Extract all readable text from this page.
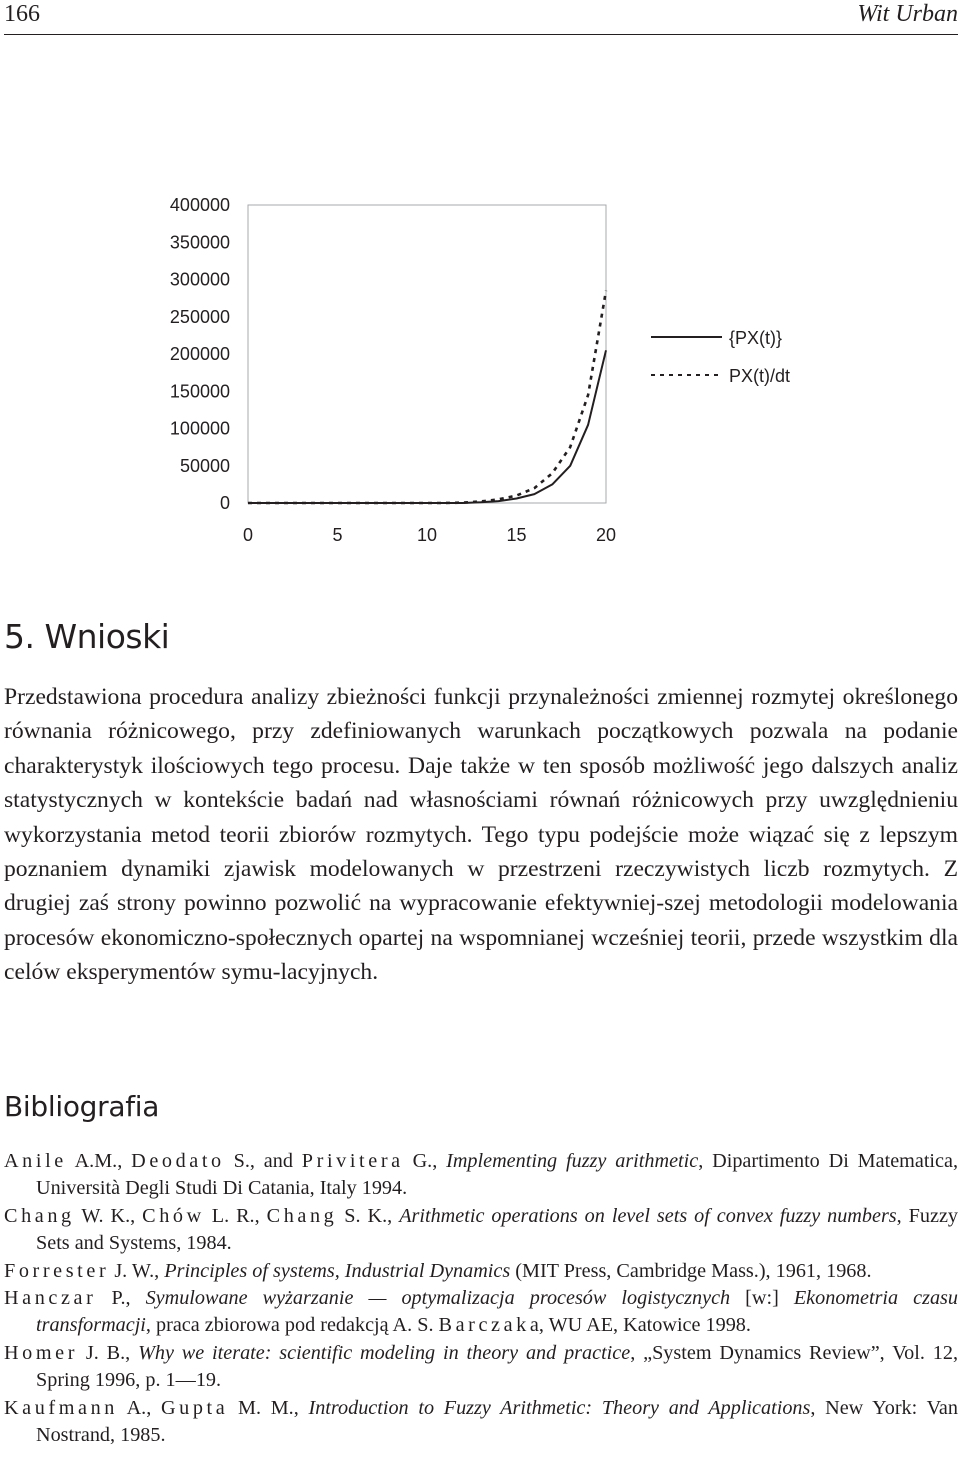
166	Wit Urban
400000
350000
300000
250000
200000
150000
100000
50000
0
0	5	10	15	20
{PX(t)}
PX(t)/dt
5. Wnioski

Przedstawiona procedura analizy zbieżności funkcji przynależności zmiennej rozmytej określonego równania różnicowego, przy zdefiniowanych warunkach początkowych pozwala na podanie charakterystyk ilościowych tego procesu. Daje także w ten sposób możliwość jego dalszych analiz statystycznych w kontekście badań nad własnościami równań różnicowych przy uwzględnieniu wykorzystania metod teorii zbiorów rozmytych. Tego typu podejście może wiązać się z lepszym poznaniem dynamiki zjawisk modelowanych w przestrzeni rzeczywistych liczb rozmytych. Z drugiej zaś strony powinno pozwolić na wypracowanie efektywniej-szej metodologii modelowania procesów ekonomiczno-społecznych opartej na wspomnianej wcześniej teorii, przede wszystkim dla celów eksperymentów symu-lacyjnych.

Bibliografia
Anile A.M., Deodato S., and Privitera G., Implementing fuzzy arithmetic, Dipartimento Di Matematica, Università Degli Studi Di Catania, Italy 1994.
Chang W. K., Chów L. R., Chang S. K., Arithmetic operations on level sets of convex fuzzy numbers, Fuzzy Sets and Systems, 1984.
Forrester J. W., Principles of systems, Industrial Dynamics (MIT Press, Cambridge Mass.), 1961, 1968.
Hanczar P., Symulowane wyżarzanie — optymalizacja procesów logistycznych [w:] Ekonometria czasu transformacji, praca zbiorowa pod redakcją A. S. Barczaka, WU AE, Katowice 1998.
Homer J. B., Why we iterate: scientific modeling in theory and practice, „System Dynamics Review”, Vol. 12, Spring 1996, p. 1—19.
Kaufmann A., Gupta M. M., Introduction to Fuzzy Arithmetic: Theory and Applications, New York: Van Nostrand, 1985.
